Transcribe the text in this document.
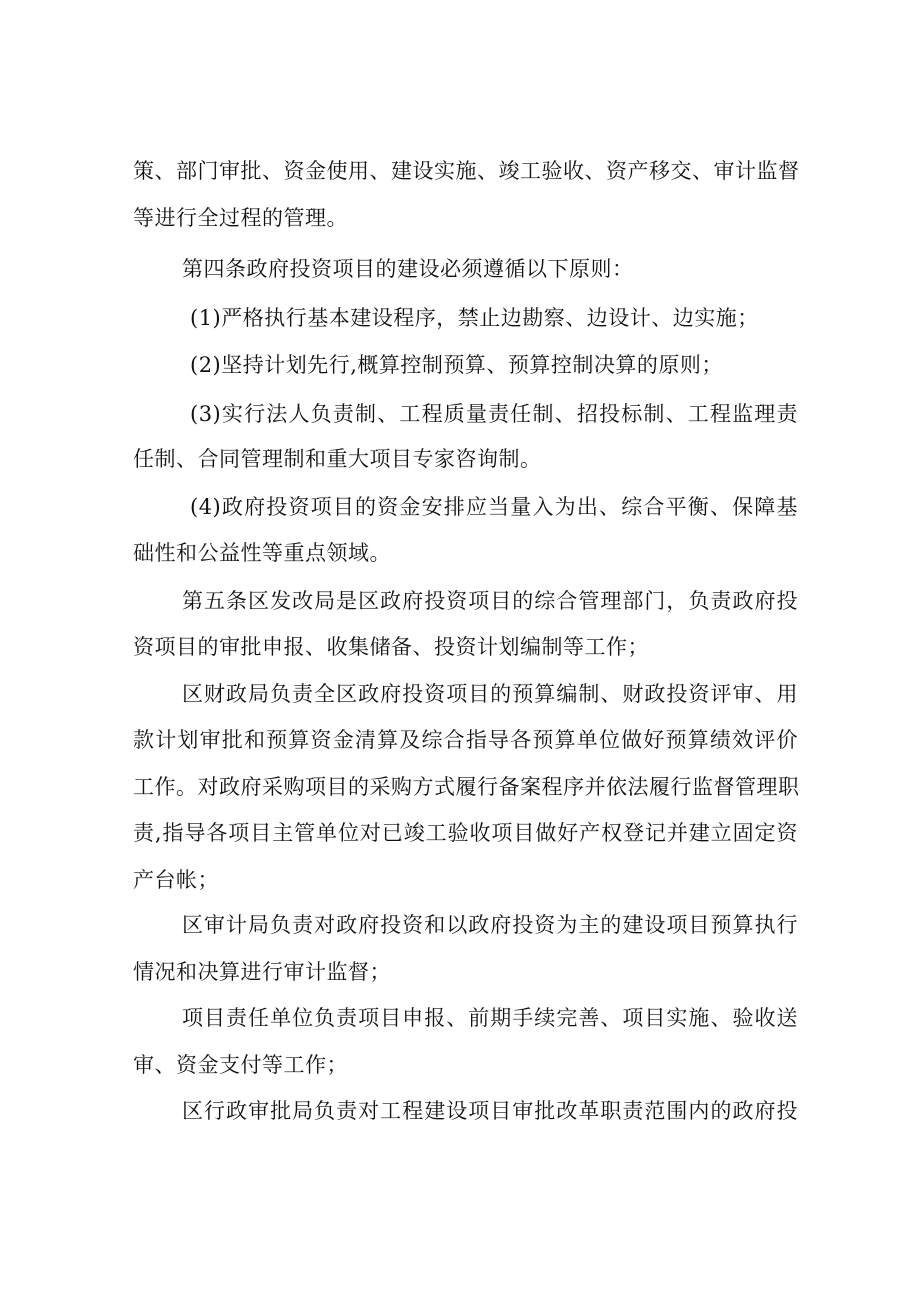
策、部门审批、资金使用、建设实施、竣工验收、资产移交、审计监督
等进行全过程的管理。
第四条政府投资项目的建设必须遵循以下原则：
(1)严格执行基本建设程序，禁止边勘察、边设计、边实施；
(2)坚持计划先行,概算控制预算、预算控制决算的原则；
(3)实行法人负责制、工程质量责任制、招投标制、工程监理责
任制、合同管理制和重大项目专家咨询制。
(4)政府投资项目的资金安排应当量入为出、综合平衡、保障基
础性和公益性等重点领域。
第五条区发改局是区政府投资项目的综合管理部门，负责政府投
资项目的审批申报、收集储备、投资计划编制等工作；
区财政局负责全区政府投资项目的预算编制、财政投资评审、用
款计划审批和预算资金清算及综合指导各预算单位做好预算绩效评价
工作。对政府采购项目的采购方式履行备案程序并依法履行监督管理职
责,指导各项目主管单位对已竣工验收项目做好产权登记并建立固定资
产台帐；
区审计局负责对政府投资和以政府投资为主的建设项目预算执行
情况和决算进行审计监督；
项目责任单位负责项目申报、前期手续完善、项目实施、验收送
审、资金支付等工作；
区行政审批局负责对工程建设项目审批改革职责范围内的政府投
